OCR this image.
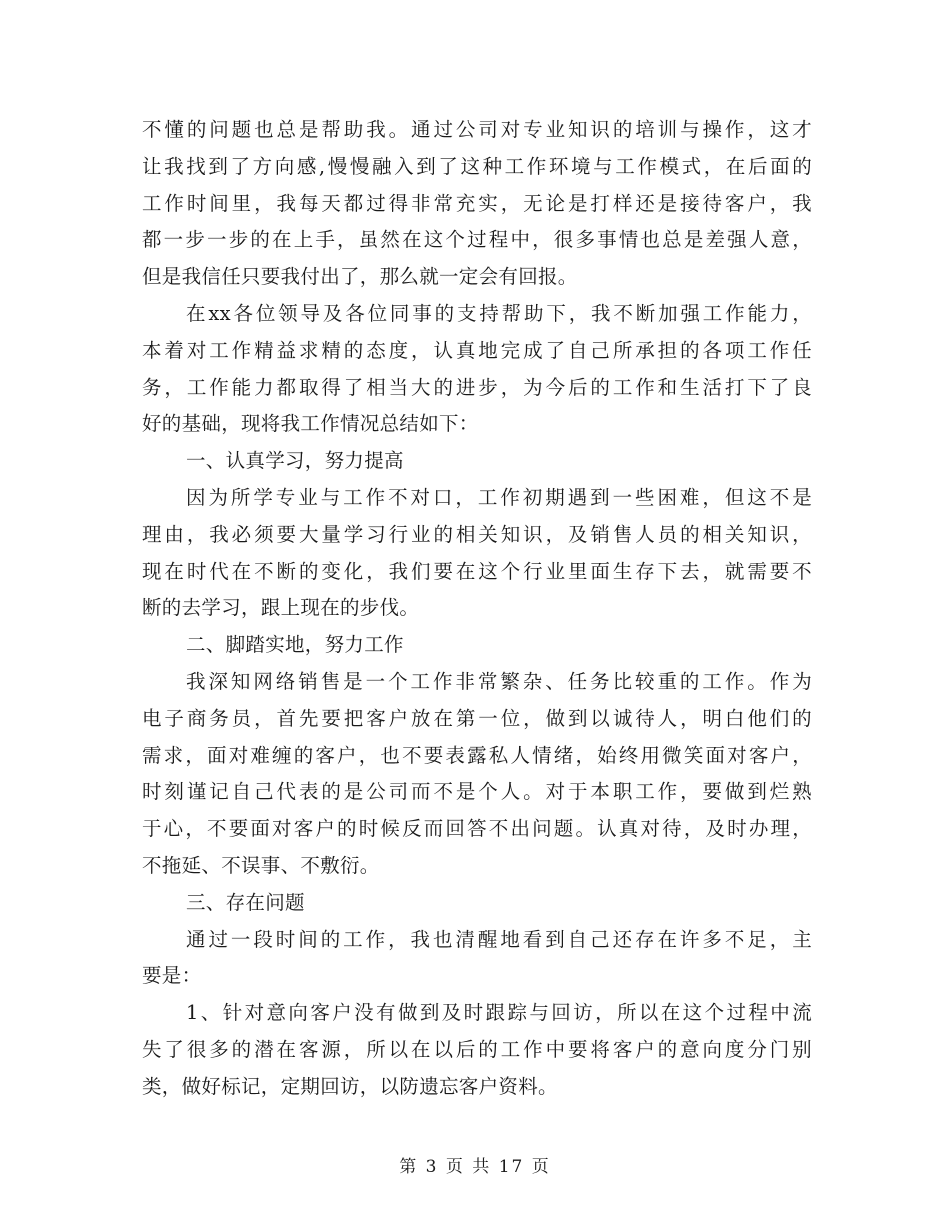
不懂的问题也总是帮助我。通过公司对专业知识的培训与操作，这才
让我找到了方向感,慢慢融入到了这种工作环境与工作模式，在后面的
工作时间里，我每天都过得非常充实，无论是打样还是接待客户，我
都一步一步的在上手，虽然在这个过程中，很多事情也总是差强人意，
但是我信任只要我付出了，那么就一定会有回报。
在xx各位领导及各位同事的支持帮助下，我不断加强工作能力，
本着对工作精益求精的态度，认真地完成了自己所承担的各项工作任
务，工作能力都取得了相当大的进步，为今后的工作和生活打下了良
好的基础，现将我工作情况总结如下：
一、认真学习，努力提高
因为所学专业与工作不对口，工作初期遇到一些困难，但这不是
理由，我必须要大量学习行业的相关知识，及销售人员的相关知识，
现在时代在不断的变化，我们要在这个行业里面生存下去，就需要不
断的去学习，跟上现在的步伐。
二、脚踏实地，努力工作
我深知网络销售是一个工作非常繁杂、任务比较重的工作。作为
电子商务员，首先要把客户放在第一位，做到以诚待人，明白他们的
需求，面对难缠的客户，也不要表露私人情绪，始终用微笑面对客户，
时刻谨记自己代表的是公司而不是个人。对于本职工作，要做到烂熟
于心，不要面对客户的时候反而回答不出问题。认真对待，及时办理，
不拖延、不误事、不敷衍。
三、存在问题
通过一段时间的工作，我也清醒地看到自己还存在许多不足，主
要是：
1、针对意向客户没有做到及时跟踪与回访，所以在这个过程中流
失了很多的潜在客源，所以在以后的工作中要将客户的意向度分门别
类，做好标记，定期回访，以防遗忘客户资料。
第 3 页 共 17 页
